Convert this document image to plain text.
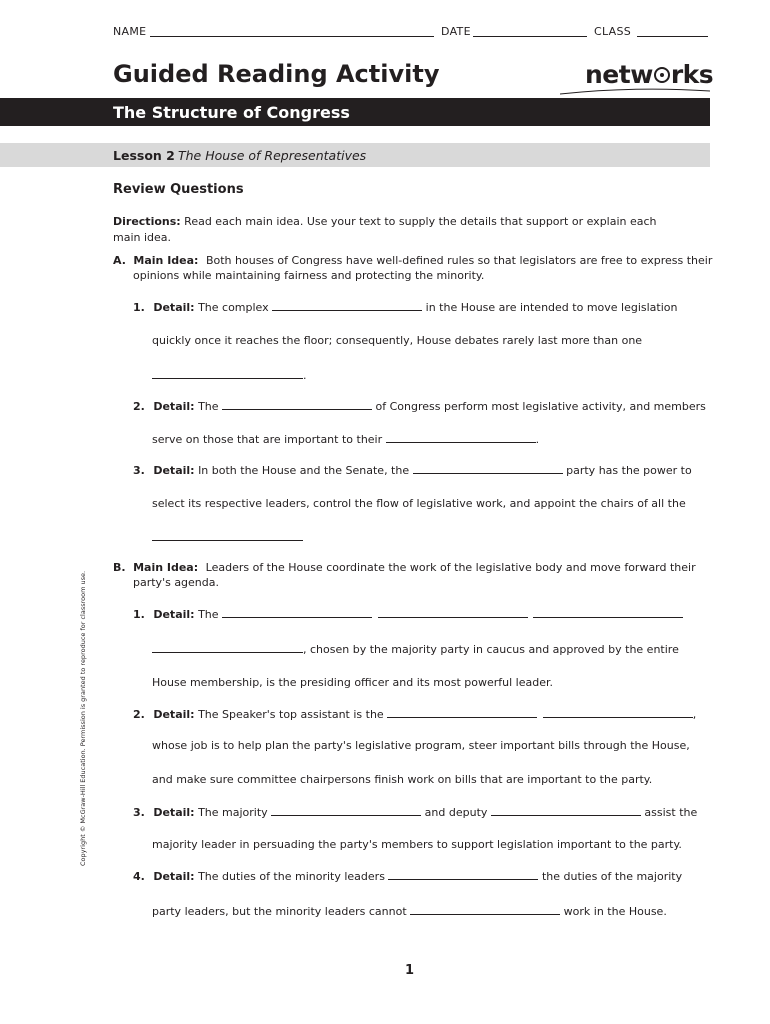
NAME	DATE	CLASS
Guided Reading Activity	netw rks
The Structure of Congress
Lesson 2 The House of Representatives
Review Questions
Directions: Read each main idea. Use your text to supply the details that support or explain each
main idea.
A. Main Idea: Both houses of Congress have well-defined rules so that legislators are free to express their
opinions while maintaining fairness and protecting the minority.
1. Detail: The complex	in the House are intended to move legislation
quickly once it reaches the floor; consequently, House debates rarely last more than one
.
2. Detail: The	of Congress perform most legislative activity, and members
serve on those that are important to their	.
3. Detail: In both the House and the Senate, the	party has the power to
select its respective leaders, control the flow of legislative work, and appoint the chairs of all the
B. Main Idea: Leaders of the House coordinate the work of the legislative body and move forward their
party's agenda.
1. Detail: The
, chosen by the majority party in caucus and approved by the entire
House membership, is the presiding officer and its most powerful leader.
2. Detail: The Speaker's top assistant is the	,
whose job is to help plan the party's legislative program, steer important bills through the House,
and make sure committee chairpersons finish work on bills that are important to the party.
3. Detail: The majority	and deputy	assist the
majority leader in persuading the party's members to support legislation important to the party.
4. Detail: The duties of the minority leaders	the duties of the majority
party leaders, but the minority leaders cannot	work in the House.
Copyright © McGraw-Hill Education. Permission is granted to reproduce for classroom use.
1
